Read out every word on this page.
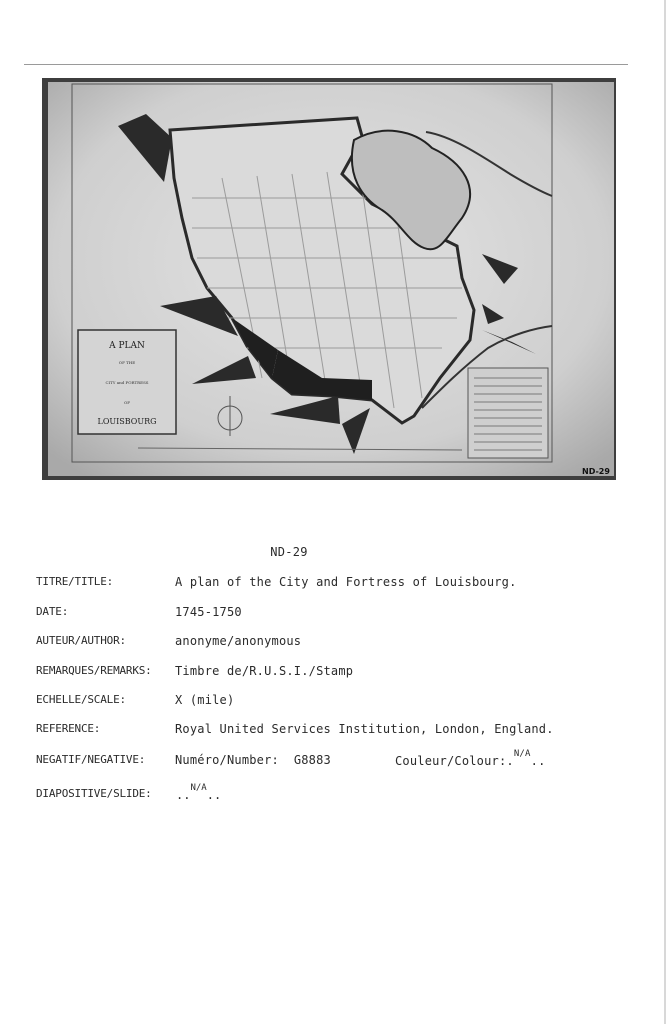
A PLAN
OF THE
CITY and FORTRESS
OF
LOUISBOURG
ND-29
ND-29
TITRE/TITLE:	A plan of the City and Fortress of Louisbourg.
DATE:	1745-1750
AUTEUR/AUTHOR:	anonyme/anonymous
REMARQUES/REMARKS: Timbre de/R.U.S.I./Stamp
ECHELLE/SCALE:	X (mile)
REFERENCE:	Royal United Services Institution, London, England.
NEGATIF/NEGATIVE: Numéro/Number: G8883	Couleur/Colour:.$^{N/A}$..
DIAPOSITIVE/SLIDE: ..$^{N/A}$..
